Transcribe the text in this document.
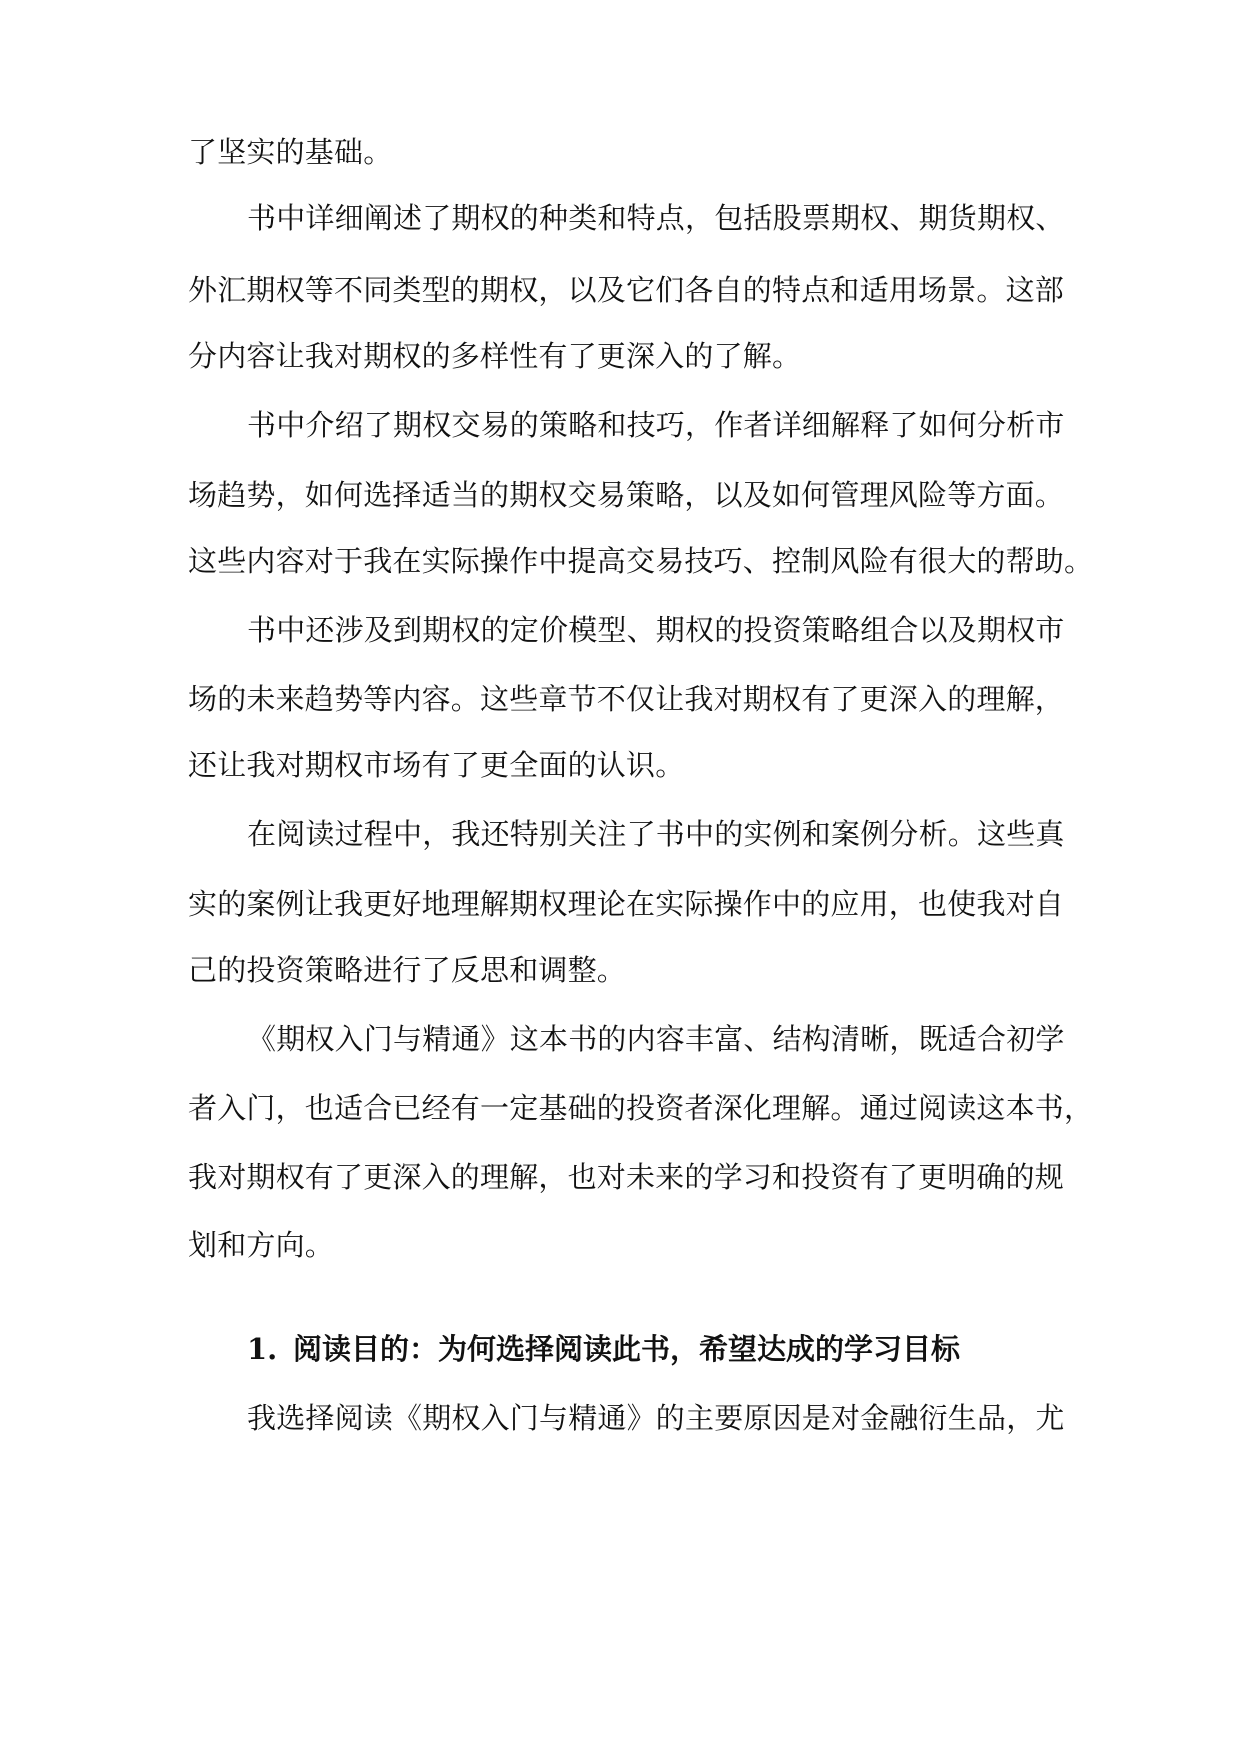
了坚实的基础。

书中详细阐述了期权的种类和特点，包括股票期权、期货期权、

外汇期权等不同类型的期权，以及它们各自的特点和适用场景。这部

分内容让我对期权的多样性有了更深入的了解。

书中介绍了期权交易的策略和技巧，作者详细解释了如何分析市

场趋势，如何选择适当的期权交易策略，以及如何管理风险等方面。

这些内容对于我在实际操作中提高交易技巧、控制风险有很大的帮助。

书中还涉及到期权的定价模型、期权的投资策略组合以及期权市

场的未来趋势等内容。这些章节不仅让我对期权有了更深入的理解，

还让我对期权市场有了更全面的认识。

在阅读过程中，我还特别关注了书中的实例和案例分析。这些真

实的案例让我更好地理解期权理论在实际操作中的应用，也使我对自

己的投资策略进行了反思和调整。

《期权入门与精通》这本书的内容丰富、结构清晰，既适合初学

者入门，也适合已经有一定基础的投资者深化理解。通过阅读这本书，

我对期权有了更深入的理解，也对未来的学习和投资有了更明确的规

划和方向。

1. 阅读目的：为何选择阅读此书，希望达成的学习目标

我选择阅读《期权入门与精通》的主要原因是对金融衍生品，尤
